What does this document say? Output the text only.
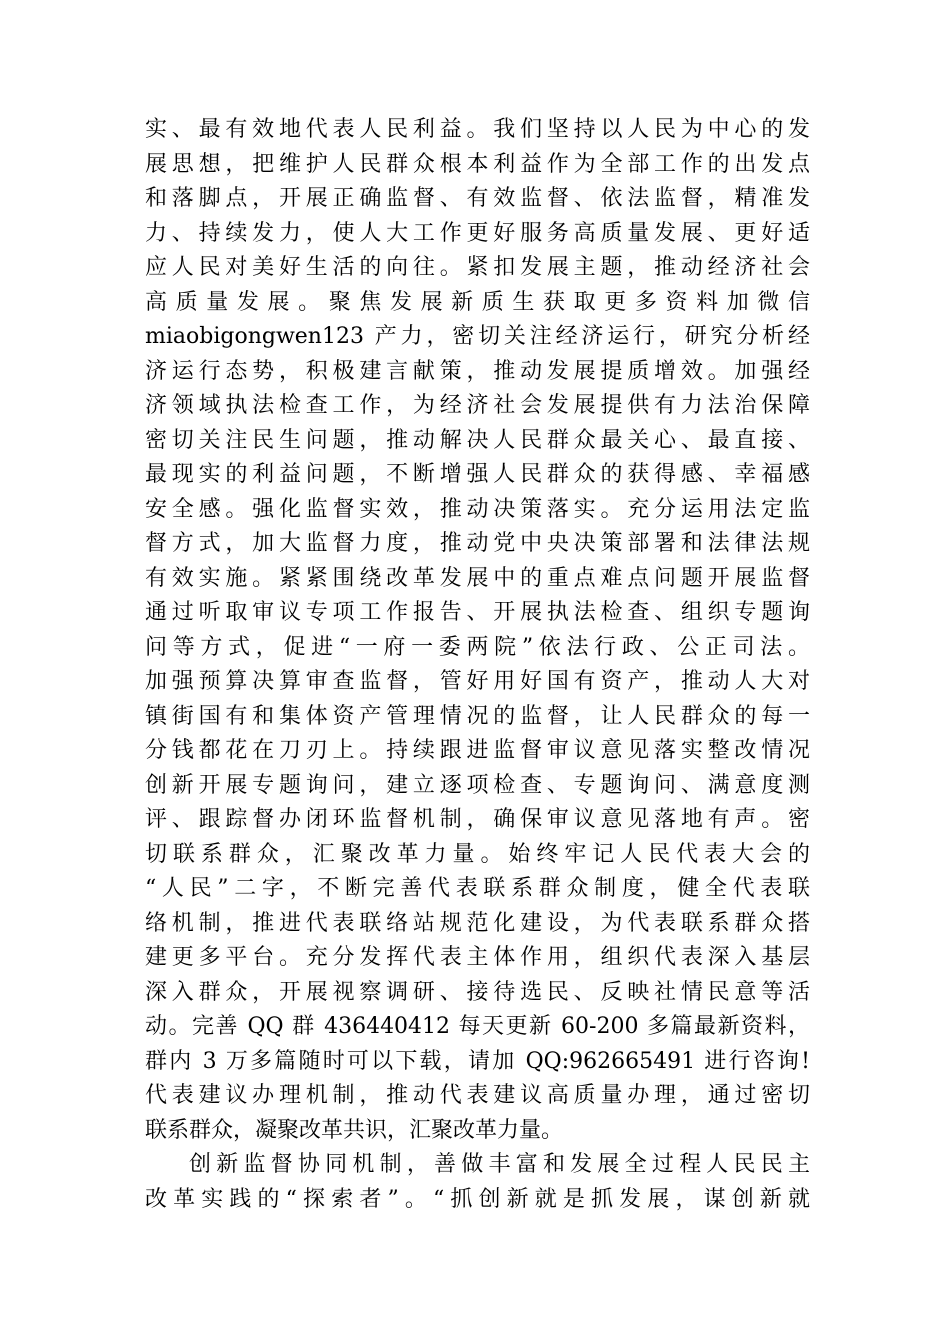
实、最有效地代表人民利益。我们坚持以人民为中心的发
展思想，把维护人民群众根本利益作为全部工作的出发点
和落脚点，开展正确监督、有效监督、依法监督，精准发
力、持续发力，使人大工作更好服务高质量发展、更好适
应人民对美好生活的向往。紧扣发展主题，推动经济社会
高质量发展。聚焦发展新质生获取更多资料加微信
miaobigongwen123 产力，密切关注经济运行，研究分析经
济运行态势，积极建言献策，推动发展提质增效。加强经
济领域执法检查工作，为经济社会发展提供有力法治保障
密切关注民生问题，推动解决人民群众最关心、最直接、
最现实的利益问题，不断增强人民群众的获得感、幸福感
安全感。强化监督实效，推动决策落实。充分运用法定监
督方式，加大监督力度，推动党中央决策部署和法律法规
有效实施。紧紧围绕改革发展中的重点难点问题开展监督
通过听取审议专项工作报告、开展执法检查、组织专题询
问等方式，促进“一府一委两院”依法行政、公正司法。
加强预算决算审查监督，管好用好国有资产，推动人大对
镇街国有和集体资产管理情况的监督，让人民群众的每一
分钱都花在刀刃上。持续跟进监督审议意见落实整改情况
创新开展专题询问，建立逐项检查、专题询问、满意度测
评、跟踪督办闭环监督机制，确保审议意见落地有声。密
切联系群众，汇聚改革力量。始终牢记人民代表大会的
“人民”二字，不断完善代表联系群众制度，健全代表联
络机制，推进代表联络站规范化建设，为代表联系群众搭
建更多平台。充分发挥代表主体作用，组织代表深入基层
深入群众，开展视察调研、接待选民、反映社情民意等活
动。完善 QQ 群 436440412 每天更新 60-200 多篇最新资料，
群内 3 万多篇随时可以下载，请加 QQ:962665491 进行咨询!
代表建议办理机制，推动代表建议高质量办理，通过密切
联系群众，凝聚改革共识，汇聚改革力量。
创新监督协同机制，善做丰富和发展全过程人民民主
改革实践的“探索者”。“抓创新就是抓发展，谋创新就
